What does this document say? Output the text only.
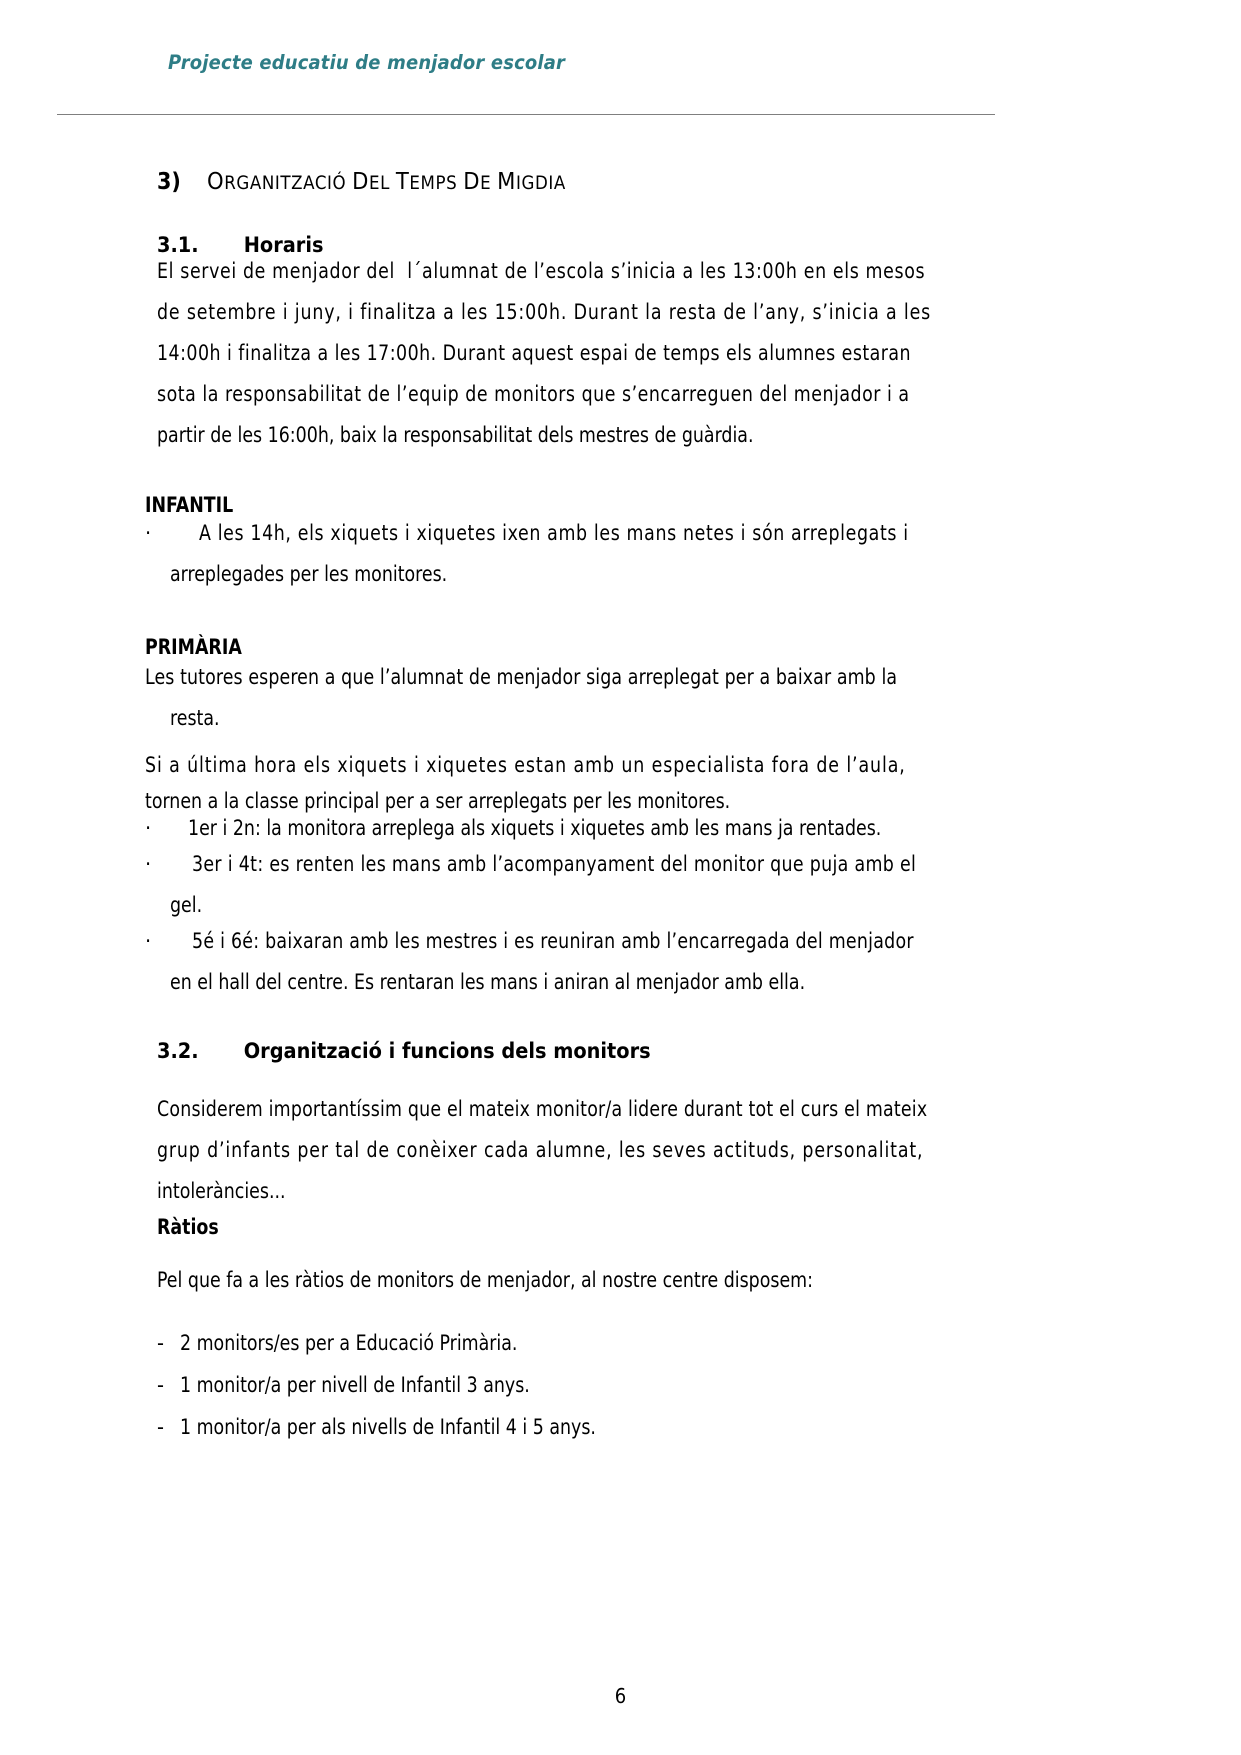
Projecte educatiu de menjador escolar
3) ORGANITZACIÓ DEL TEMPS DE MIGDIA
3.1. Horaris
El servei de menjador del  l´alumnat de l’escola s’inicia a les 13:00h en els mesos
de setembre i juny, i finalitza a les 15:00h. Durant la resta de l’any, s’inicia a les
14:00h i finalitza a les 17:00h. Durant aquest espai de temps els alumnes estaran
sota la responsabilitat de l’equip de monitors que s’encarreguen del menjador i a
partir de les 16:00h, baix la responsabilitat dels mestres de guàrdia.
INFANTIL
· A les 14h, els xiquets i xiquetes ixen amb les mans netes i són arreplegats i
arreplegades per les monitores.
PRIMÀRIA
Les tutores esperen a que l’alumnat de menjador siga arreplegat per a baixar amb la
resta.
Si a última hora els xiquets i xiquetes estan amb un especialista fora de l’aula,
tornen a la classe principal per a ser arreplegats per les monitores.
· 1er i 2n: la monitora arreplega als xiquets i xiquetes amb les mans ja rentades.
· 3er i 4t: es renten les mans amb l’acompanyament del monitor que puja amb el
gel.
· 5é i 6é: baixaran amb les mestres i es reuniran amb l’encarregada del menjador
en el hall del centre. Es rentaran les mans i aniran al menjador amb ella.
3.2. Organització i funcions dels monitors
Considerem importantíssim que el mateix monitor/a lidere durant tot el curs el mateix
grup d’infants per tal de conèixer cada alumne, les seves actituds, personalitat,
intoleràncies...
Ràtios
Pel que fa a les ràtios de monitors de menjador, al nostre centre disposem:
- 2 monitors/es per a Educació Primària.
- 1 monitor/a per nivell de Infantil 3 anys.
- 1 monitor/a per als nivells de Infantil 4 i 5 anys.
6
